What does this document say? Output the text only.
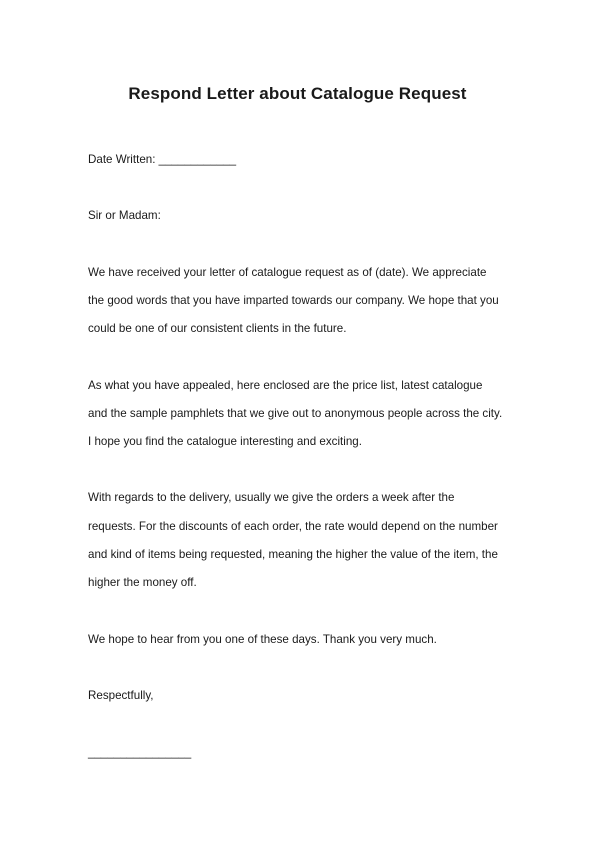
Respond Letter about Catalogue Request
Date Written: ____________
Sir or Madam:
We have received your letter of catalogue request as of (date). We appreciate
the good words that you have imparted towards our company. We hope that you
could be one of our consistent clients in the future.
As what you have appealed, here enclosed are the price list, latest catalogue
and the sample pamphlets that we give out to anonymous people across the city.
I hope you find the catalogue interesting and exciting.
With regards to the delivery, usually we give the orders a week after the
requests. For the discounts of each order, the rate would depend on the number
and kind of items being requested, meaning the higher the value of the item, the
higher the money off.
We hope to hear from you one of these days. Thank you very much.
Respectfully,
________________
